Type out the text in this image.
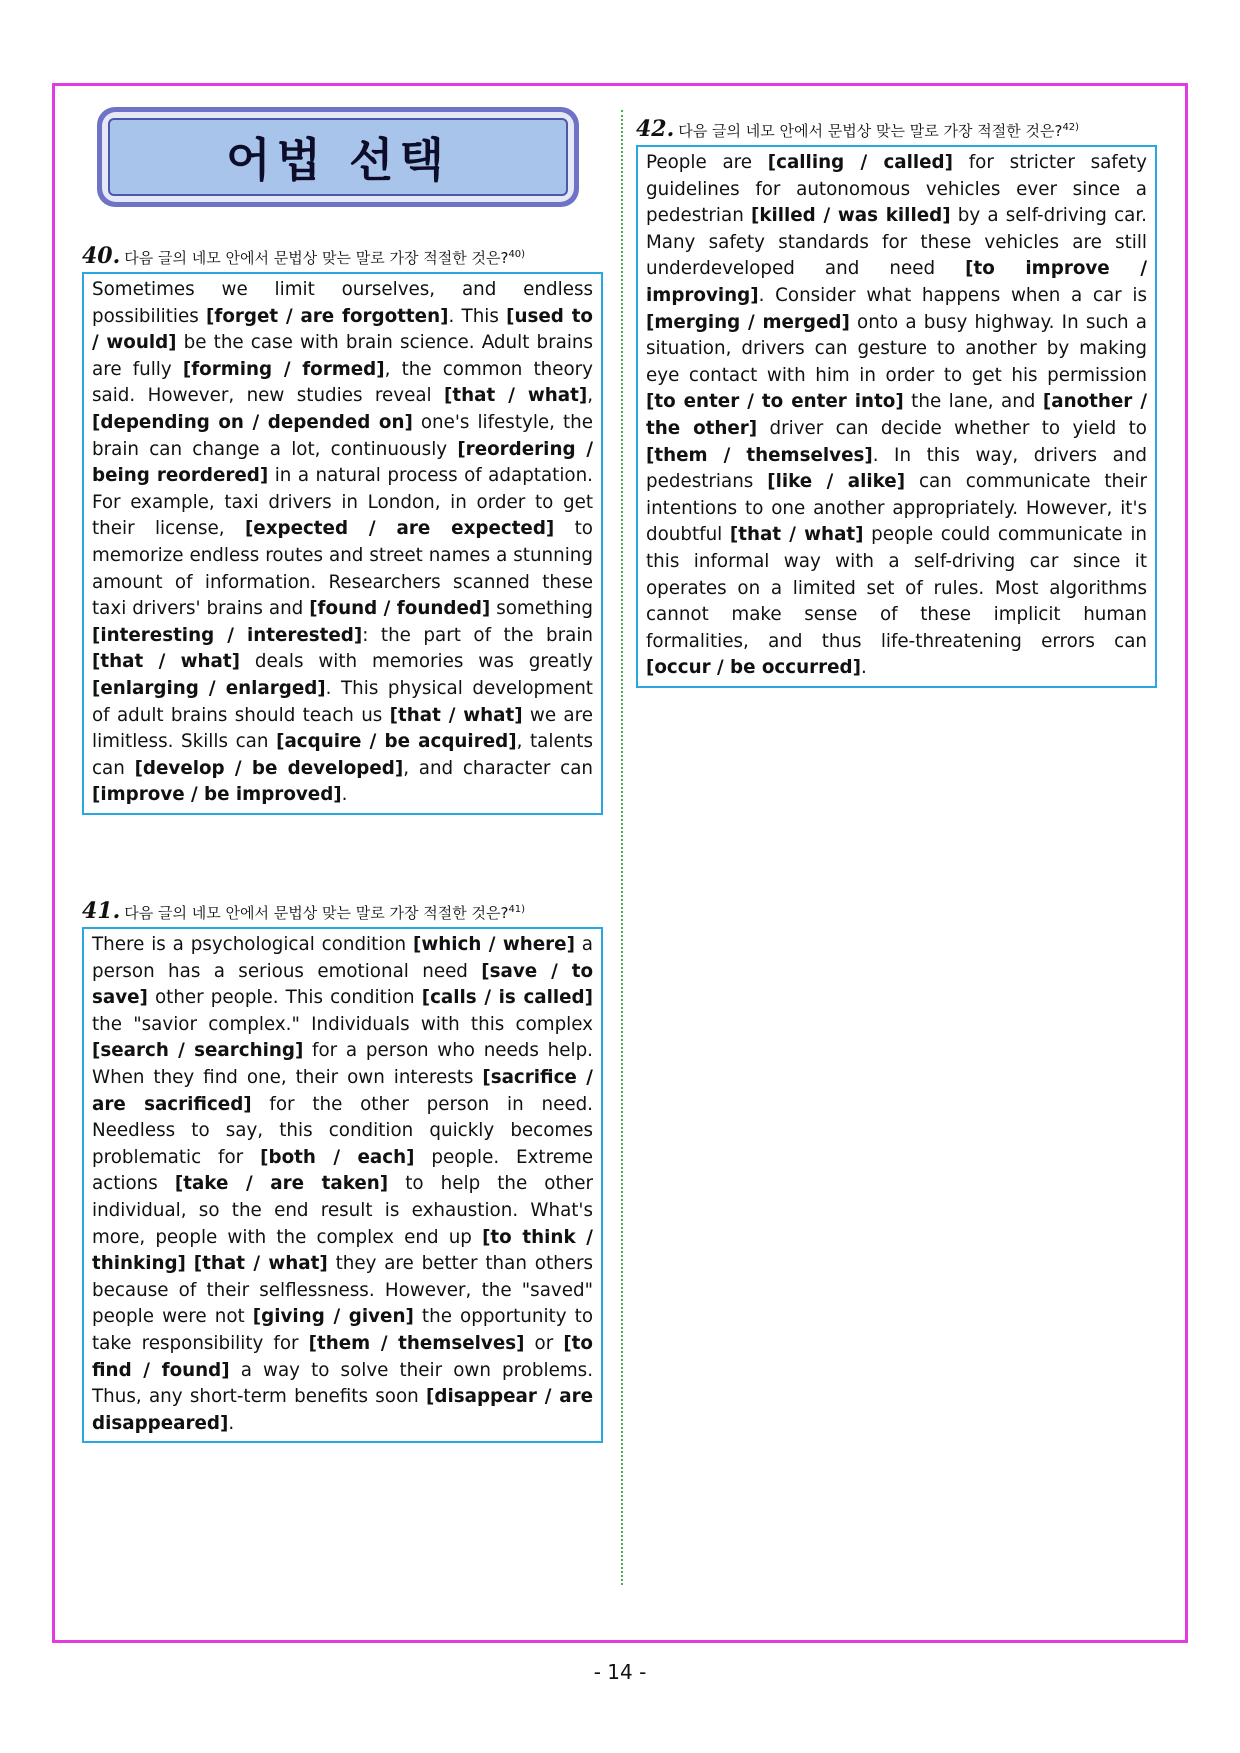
어법 선택
40. 다음 글의 네모 안에서 문법상 맞는 말로 가장 적절한 것은?$^{40)}$
Sometimes we limit ourselves, and endless possibilities [forget / are forgotten]. This [used to / would] be the case with brain science. Adult brains are fully [forming / formed], the common theory said. However, new studies reveal [that / what], [depending on / depended on] one's lifestyle, the brain can change a lot, continuously [reordering / being reordered] in a natural process of adaptation. For example, taxi drivers in London, in order to get their license, [expected / are expected] to memorize endless routes and street names a stunning amount of information. Researchers scanned these taxi drivers' brains and [found / founded] something [interesting / interested]: the part of the brain [that / what] deals with memories was greatly [enlarging / enlarged]. This physical development of adult brains should teach us [that / what] we are limitless. Skills can [acquire / be acquired], talents can [develop / be developed], and character can [improve / be improved].
41. 다음 글의 네모 안에서 문법상 맞는 말로 가장 적절한 것은?$^{41)}$
There is a psychological condition [which / where] a person has a serious emotional need [save / to save] other people. This condition [calls / is called] the "savior complex." Individuals with this complex [search / searching] for a person who needs help. When they find one, their own interests [sacrifice / are sacrificed] for the other person in need. Needless to say, this condition quickly becomes problematic for [both / each] people. Extreme actions [take / are taken] to help the other individual, so the end result is exhaustion. What's more, people with the complex end up [to think / thinking] [that / what] they are better than others because of their selflessness. However, the "saved" people were not [giving / given] the opportunity to take responsibility for [them / themselves] or [to find / found] a way to solve their own problems. Thus, any short-term benefits soon [disappear / are disappeared].
42. 다음 글의 네모 안에서 문법상 맞는 말로 가장 적절한 것은?$^{42)}$
People are [calling / called] for stricter safety guidelines for autonomous vehicles ever since a pedestrian [killed / was killed] by a self-driving car. Many safety standards for these vehicles are still underdeveloped and need [to improve / improving]. Consider what happens when a car is [merging / merged] onto a busy highway. In such a situation, drivers can gesture to another by making eye contact with him in order to get his permission [to enter / to enter into] the lane, and [another / the other] driver can decide whether to yield to [them / themselves]. In this way, drivers and pedestrians [like / alike] can communicate their intentions to one another appropriately. However, it's doubtful [that / what] people could communicate in this informal way with a self-driving car since it operates on a limited set of rules. Most algorithms cannot make sense of these implicit human formalities, and thus life-threatening errors can [occur / be occurred].
- 14 -
